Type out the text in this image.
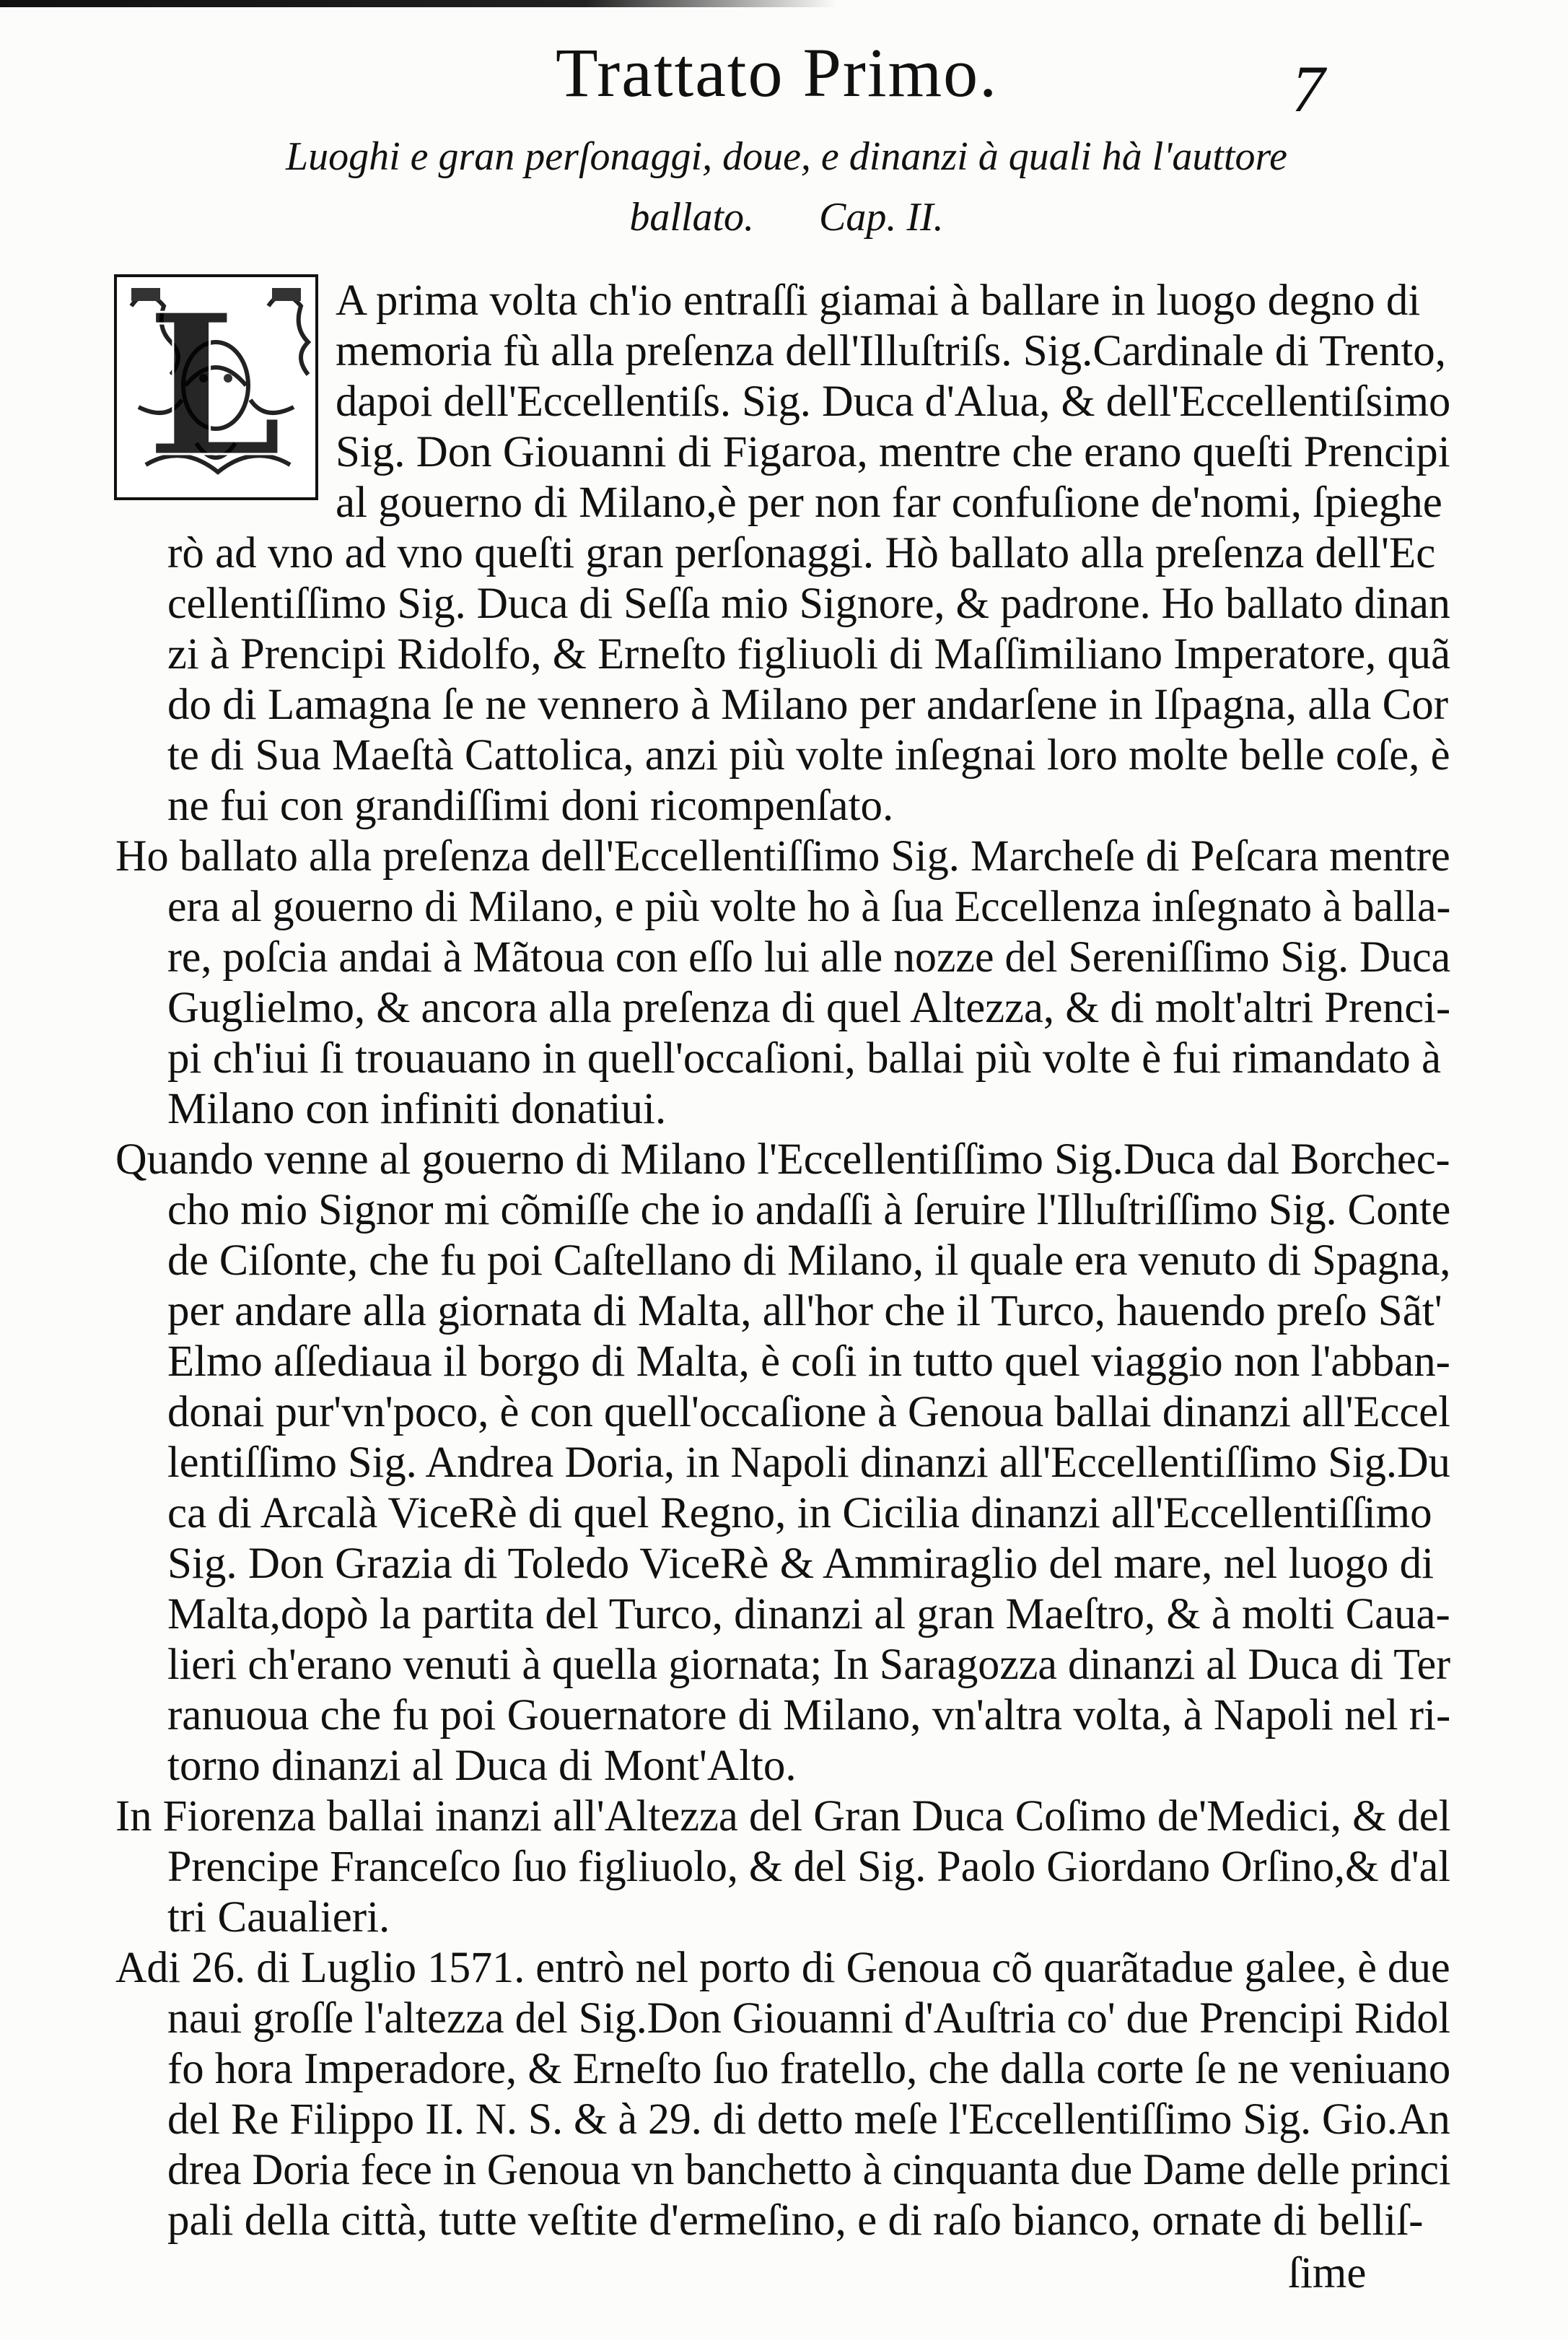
Trattato Primo.	7
Luoghi e gran perſonaggi, doue, e dinanzi à quali hà l'auttore
ballato. Cap. II.
L A prima volta ch'io entraſſi giamai à ballare in luogo degno di
memoria fù alla preſenza dell'Illuſtriſs. Sig.Cardinale di Trento,
dapoi dell'Eccellentiſs. Sig. Duca d'Alua, & dell'Eccellentiſsimo
Sig. Don Giouanni di Figaroa, mentre che erano queſti Prencipi
al gouerno di Milano,è per non far confuſione de'nomi, ſpieghe
rò ad vno ad vno queſti gran perſonaggi. Hò ballato alla preſenza dell'Ec
cellentiſſimo Sig. Duca di Seſſa mio Signore, & padrone. Ho ballato dinan
zi à Prencipi Ridolfo, & Erneſto figliuoli di Maſſimiliano Imperatore, quã
do di Lamagna ſe ne vennero à Milano per andarſene in Iſpagna, alla Cor
te di Sua Maeſtà Cattolica, anzi più volte inſegnai loro molte belle coſe, è
ne fui con grandiſſimi doni ricompenſato.
Ho ballato alla preſenza dell'Eccellentiſſimo Sig. Marcheſe di Peſcara mentre
era al gouerno di Milano, e più volte ho à ſua Eccellenza inſegnato à balla-
re, poſcia andai à Mãtoua con eſſo lui alle nozze del Sereniſſimo Sig. Duca
Guglielmo, & ancora alla preſenza di quel Altezza, & di molt'altri Prenci-
pi ch'iui ſi trouauano in quell'occaſioni, ballai più volte è fui rimandato à
Milano con infiniti donatiui.
Quando venne al gouerno di Milano l'Eccellentiſſimo Sig.Duca dal Borchec-
cho mio Signor mi cõmiſſe che io andaſſi à ſeruire l'Illuſtriſſimo Sig. Conte
de Ciſonte, che fu poi Caſtellano di Milano, il quale era venuto di Spagna,
per andare alla giornata di Malta, all'hor che il Turco, hauendo preſo Sãt'
Elmo aſſediaua il borgo di Malta, è coſi in tutto quel viaggio non l'abban-
donai pur'vn'poco, è con quell'occaſione à Genoua ballai dinanzi all'Eccel
lentiſſimo Sig. Andrea Doria, in Napoli dinanzi all'Eccellentiſſimo Sig.Du
ca di Arcalà ViceRè di quel Regno, in Cicilia dinanzi all'Eccellentiſſimo
Sig. Don Grazia di Toledo ViceRè & Ammiraglio del mare, nel luogo di
Malta,dopò la partita del Turco, dinanzi al gran Maeſtro, & à molti Caua-
lieri ch'erano venuti à quella giornata; In Saragozza dinanzi al Duca di Ter
ranuoua che fu poi Gouernatore di Milano, vn'altra volta, à Napoli nel ri-
torno dinanzi al Duca di Mont'Alto.
In Fiorenza ballai inanzi all'Altezza del Gran Duca Coſimo de'Medici, & del
Prencipe Franceſco ſuo figliuolo, & del Sig. Paolo Giordano Orſino,& d'al
tri Caualieri.
Adi 26. di Luglio 1571. entrò nel porto di Genoua cõ quarãtadue galee, è due
naui groſſe l'altezza del Sig.Don Giouanni d'Auſtria co' due Prencipi Ridol
fo hora Imperadore, & Erneſto ſuo fratello, che dalla corte ſe ne veniuano
del Re Filippo II. N. S. & à 29. di detto meſe l'Eccellentiſſimo Sig. Gio.An
drea Doria fece in Genoua vn banchetto à cinquanta due Dame delle princi
pali della città, tutte veſtite d'ermeſino, e di raſo bianco, ornate di belliſ-
ſime
